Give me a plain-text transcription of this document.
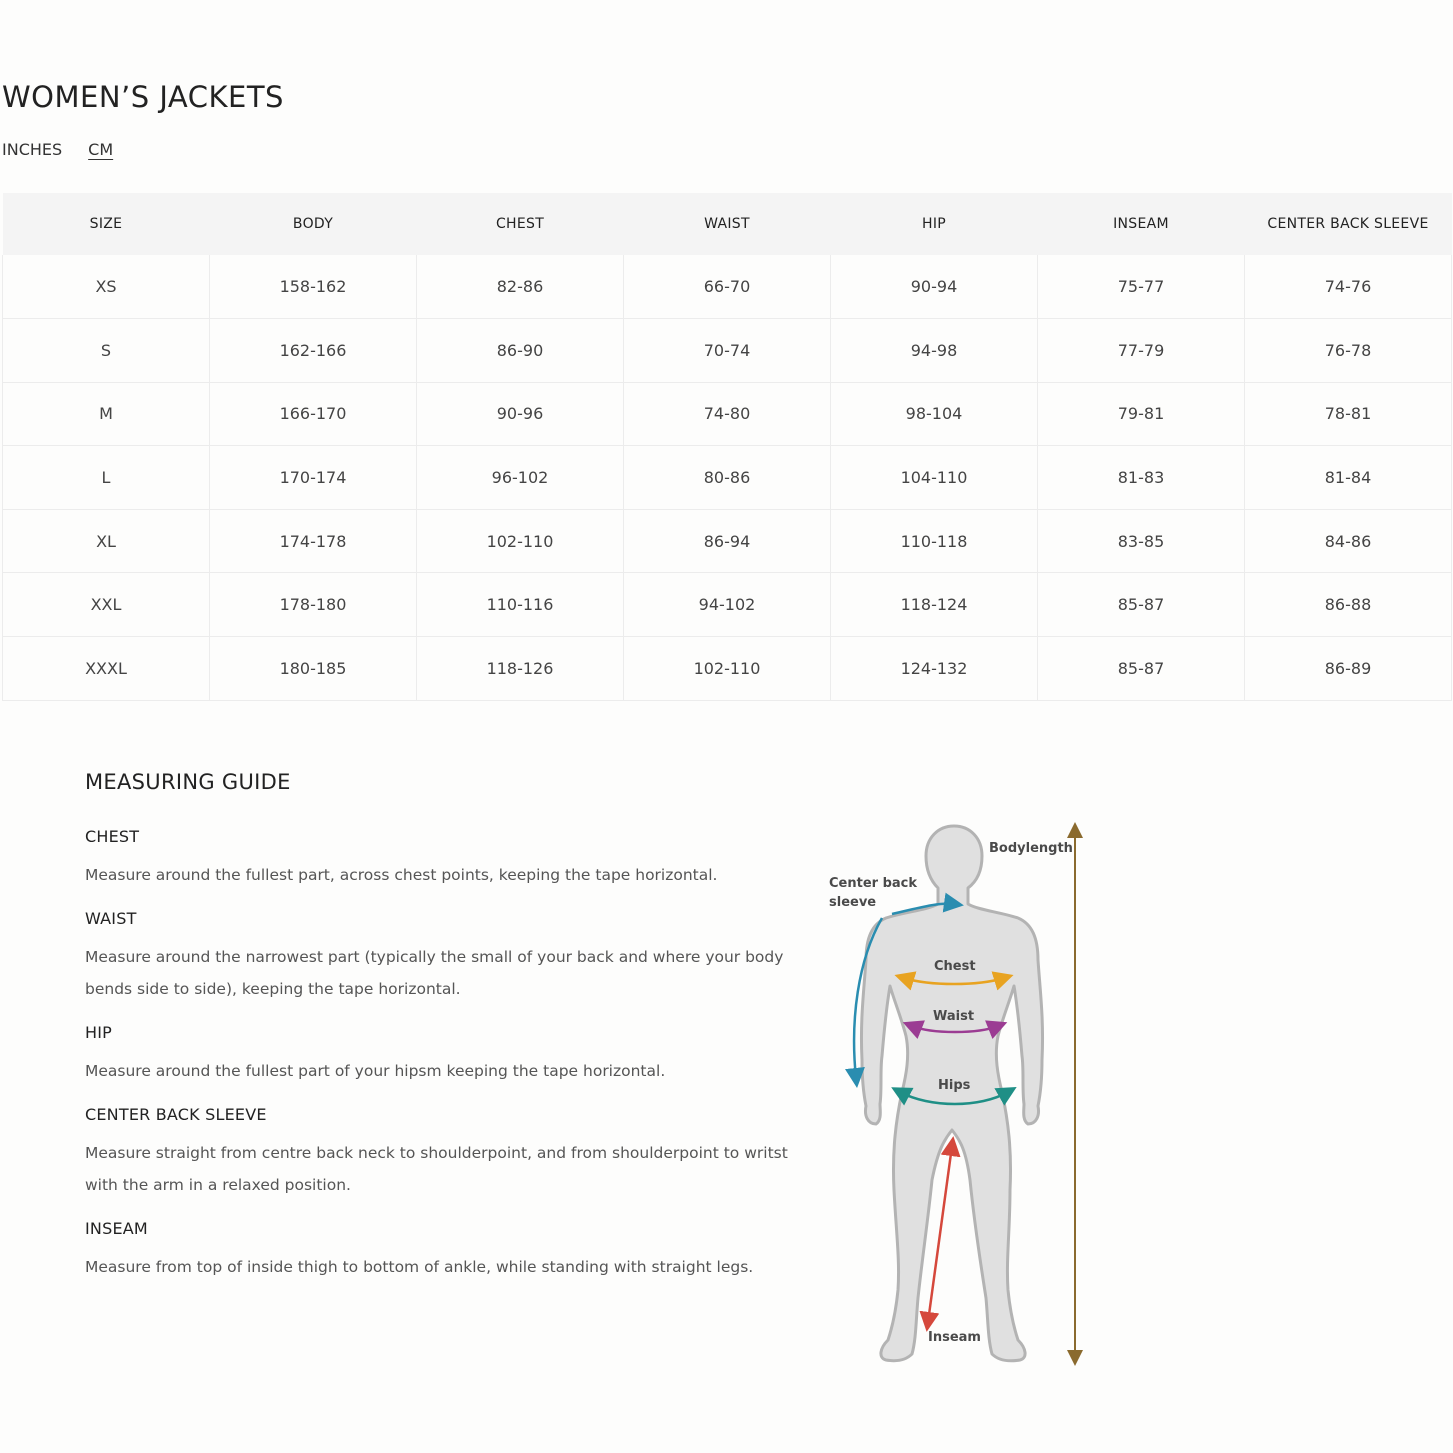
WOMEN’S JACKETS
INCHES CM
SIZE	BODY	CHEST	WAIST	HIP	INSEAM	CENTER BACK SLEEVE
XS	158-162	82-86	66-70	90-94	75-77	74-76
S	162-166	86-90	70-74	94-98	77-79	76-78
M	166-170	90-96	74-80	98-104	79-81	78-81
L	170-174	96-102	80-86	104-110	81-83	81-84
XL	174-178	102-110	86-94	110-118	83-85	84-86
XXL	178-180	110-116	94-102	118-124	85-87	86-88
XXXL	180-185	118-126	102-110	124-132	85-87	86-89
MEASURING GUIDE
CHEST

Measure around the fullest part, across chest points, keeping the tape horizontal.

WAIST

Measure around the narrowest part (typically the small of your back and where your body bends side to side), keeping the tape horizontal.

HIP

Measure around the fullest part of your hipsm keeping the tape horizontal.

CENTER BACK SLEEVE

Measure straight from centre back neck to shoulderpoint, and from shoulderpoint to writst with the arm in a relaxed position.

INSEAM

Measure from top of inside thigh to bottom of ankle, while standing with straight legs.

Bodylength
Center back
sleeve
Chest
Waist
Hips
Inseam
